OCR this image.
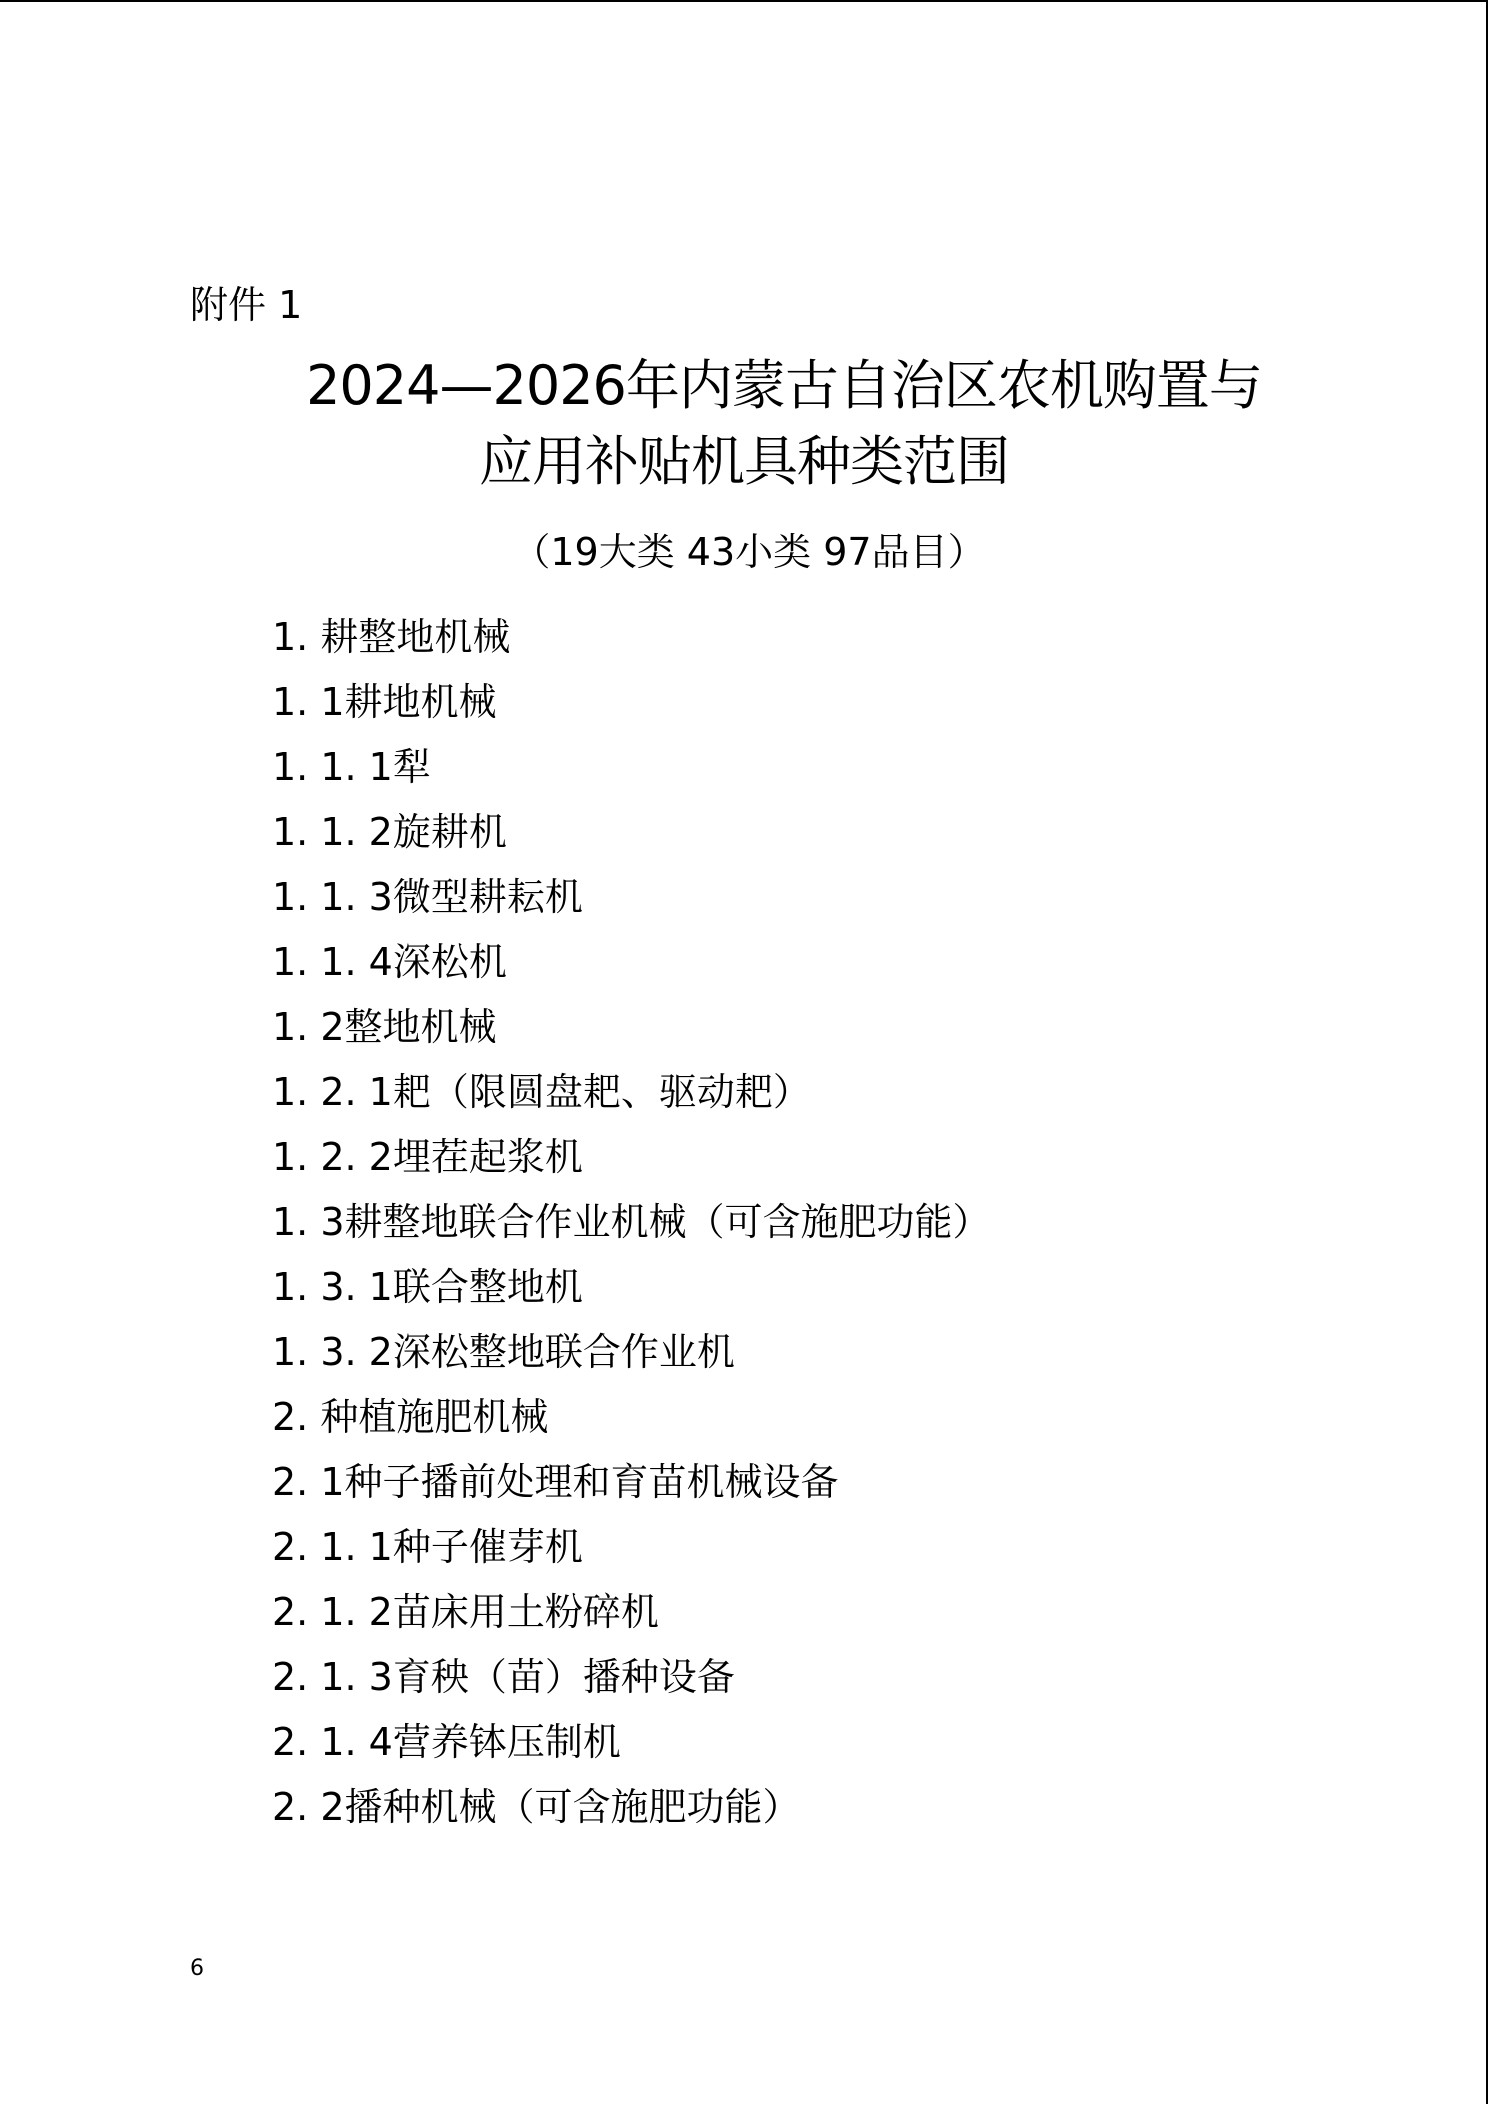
附件 1
2024—2026年内蒙古自治区农机购置与
应用补贴机具种类范围
（19大类 43小类 97品目）
1. 耕整地机械
1. 1耕地机械
1. 1. 1犁
1. 1. 2旋耕机
1. 1. 3微型耕耘机
1. 1. 4深松机
1. 2整地机械
1. 2. 1耙（限圆盘耙、驱动耙）
1. 2. 2埋茬起浆机
1. 3耕整地联合作业机械（可含施肥功能）
1. 3. 1联合整地机
1. 3. 2深松整地联合作业机
2. 种植施肥机械
2. 1种子播前处理和育苗机械设备
2. 1. 1种子催芽机
2. 1. 2苗床用土粉碎机
2. 1. 3育秧（苗）播种设备
2. 1. 4营养钵压制机
2. 2播种机械（可含施肥功能）
6
